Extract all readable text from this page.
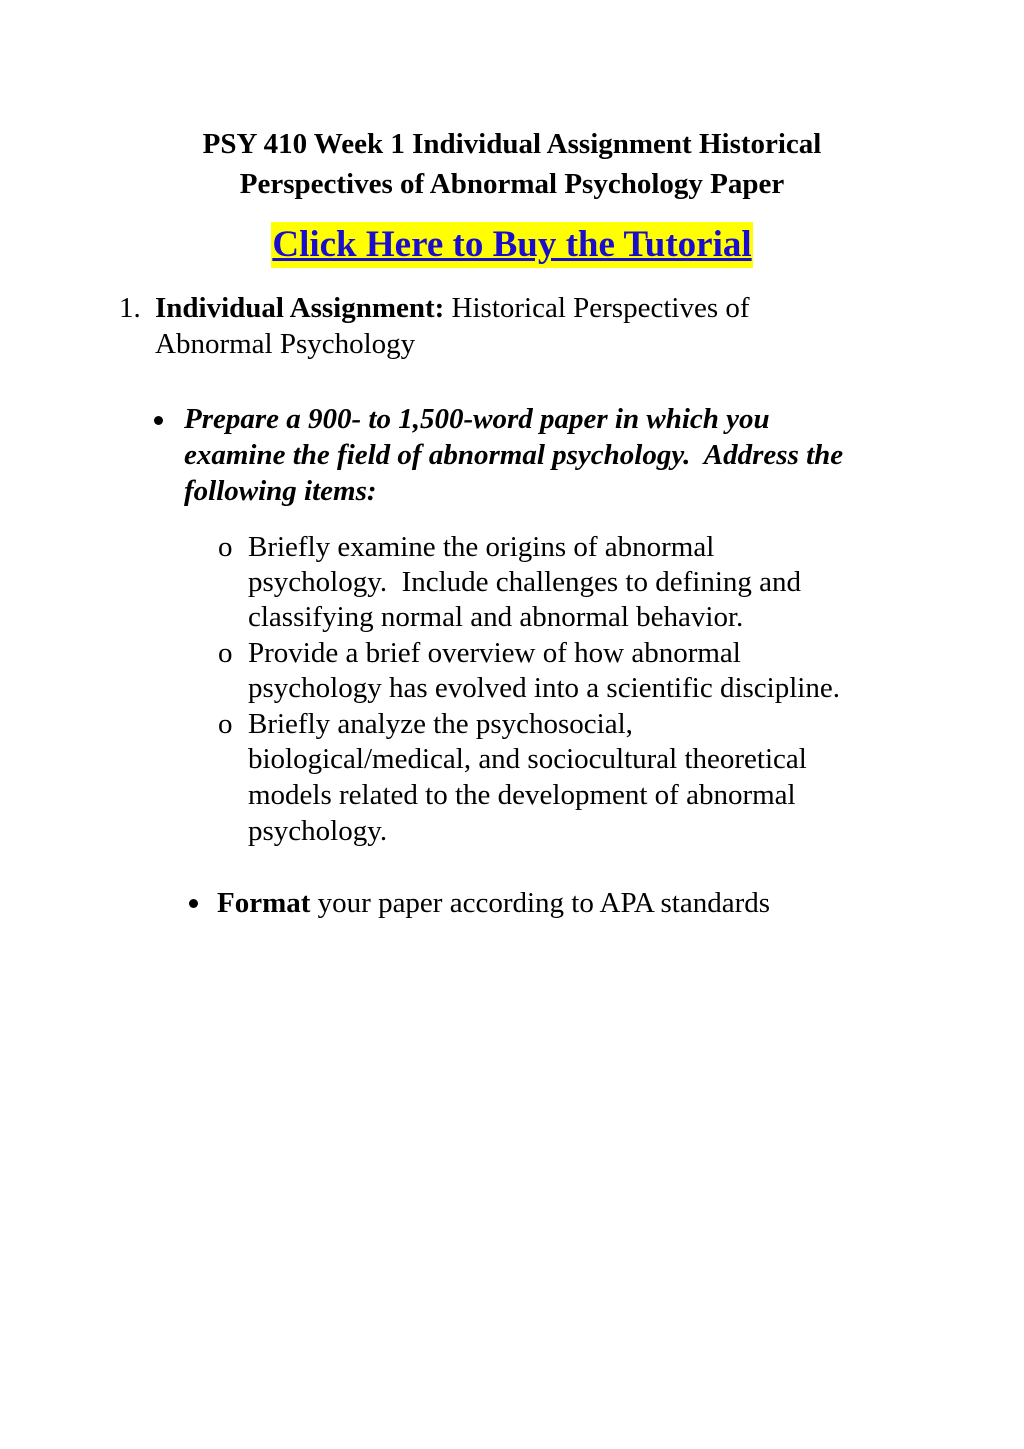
PSY 410 Week 1 Individual Assignment Historical
Perspectives of Abnormal Psychology Paper
Click Here to Buy the Tutorial
1. Individual Assignment: Historical Perspectives of
Abnormal Psychology
Prepare a 900- to 1,500-word paper in which you
examine the field of abnormal psychology.  Address the
following items:
o Briefly examine the origins of abnormal
psychology.  Include challenges to defining and
classifying normal and abnormal behavior.
o Provide a brief overview of how abnormal
psychology has evolved into a scientific discipline.
o Briefly analyze the psychosocial,
biological/medical, and sociocultural theoretical
models related to the development of abnormal
psychology.
Format your paper according to APA standards
